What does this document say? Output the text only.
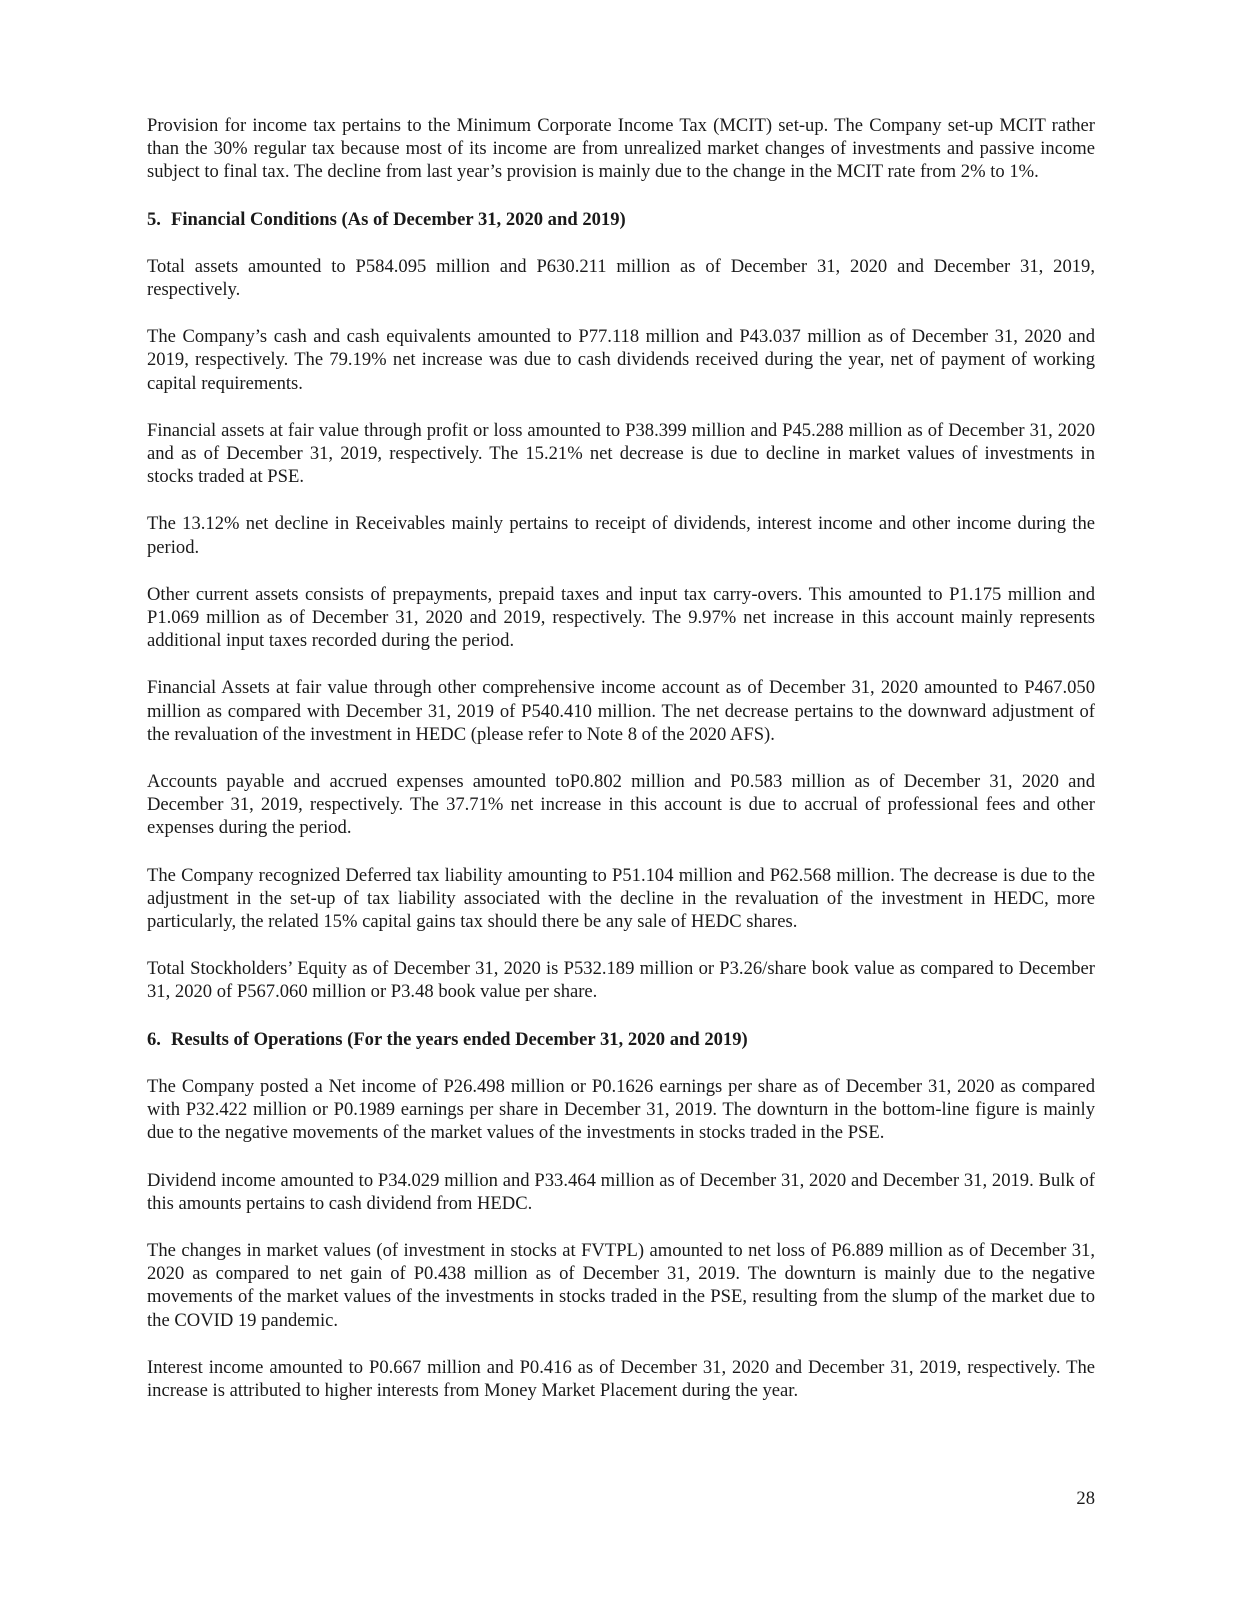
Provision for income tax pertains to the Minimum Corporate Income Tax (MCIT) set-up. The Company set-up MCIT rather than the 30% regular tax because most of its income are from unrealized market changes of investments and passive income subject to final tax. The decline from last year’s provision is mainly due to the change in the MCIT rate from 2% to 1%.

5. Financial Conditions (As of December 31, 2020 and 2019)

Total assets amounted to P584.095 million and P630.211 million as of December 31, 2020 and December 31, 2019, respectively.

The Company’s cash and cash equivalents amounted to P77.118 million and P43.037 million as of December 31, 2020 and 2019, respectively. The 79.19% net increase was due to cash dividends received during the year, net of payment of working capital requirements.

Financial assets at fair value through profit or loss amounted to P38.399 million and P45.288 million as of December 31, 2020 and as of December 31, 2019, respectively. The 15.21% net decrease is due to decline in market values of investments in stocks traded at PSE.

The 13.12% net decline in Receivables mainly pertains to receipt of dividends, interest income and other income during the period.

Other current assets consists of prepayments, prepaid taxes and input tax carry-overs. This amounted to P1.175 million and P1.069 million as of December 31, 2020 and 2019, respectively. The 9.97% net increase in this account mainly represents additional input taxes recorded during the period.

Financial Assets at fair value through other comprehensive income account as of December 31, 2020 amounted to P467.050 million as compared with December 31, 2019 of P540.410 million. The net decrease pertains to the downward adjustment of the revaluation of the investment in HEDC (please refer to Note 8 of the 2020 AFS).

Accounts payable and accrued expenses amounted toP0.802 million and P0.583 million as of December 31, 2020 and December 31, 2019, respectively. The 37.71% net increase in this account is due to accrual of professional fees and other expenses during the period.

The Company recognized Deferred tax liability amounting to P51.104 million and P62.568 million. The decrease is due to the adjustment in the set-up of tax liability associated with the decline in the revaluation of the investment in HEDC, more particularly, the related 15% capital gains tax should there be any sale of HEDC shares.

Total Stockholders’ Equity as of December 31, 2020 is P532.189 million or P3.26/share book value as compared to December 31, 2020 of P567.060 million or P3.48 book value per share.

6. Results of Operations (For the years ended December 31, 2020 and 2019)

The Company posted a Net income of P26.498 million or P0.1626 earnings per share as of December 31, 2020 as compared with P32.422 million or P0.1989 earnings per share in December 31, 2019. The downturn in the bottom-line figure is mainly due to the negative movements of the market values of the investments in stocks traded in the PSE.

Dividend income amounted to P34.029 million and P33.464 million as of December 31, 2020 and December 31, 2019. Bulk of this amounts pertains to cash dividend from HEDC.

The changes in market values (of investment in stocks at FVTPL) amounted to net loss of P6.889 million as of December 31, 2020 as compared to net gain of P0.438 million as of December 31, 2019. The downturn is mainly due to the negative movements of the market values of the investments in stocks traded in the PSE, resulting from the slump of the market due to the COVID 19 pandemic.

Interest income amounted to P0.667 million and P0.416 as of December 31, 2020 and December 31, 2019, respectively. The increase is attributed to higher interests from Money Market Placement during the year.

28
